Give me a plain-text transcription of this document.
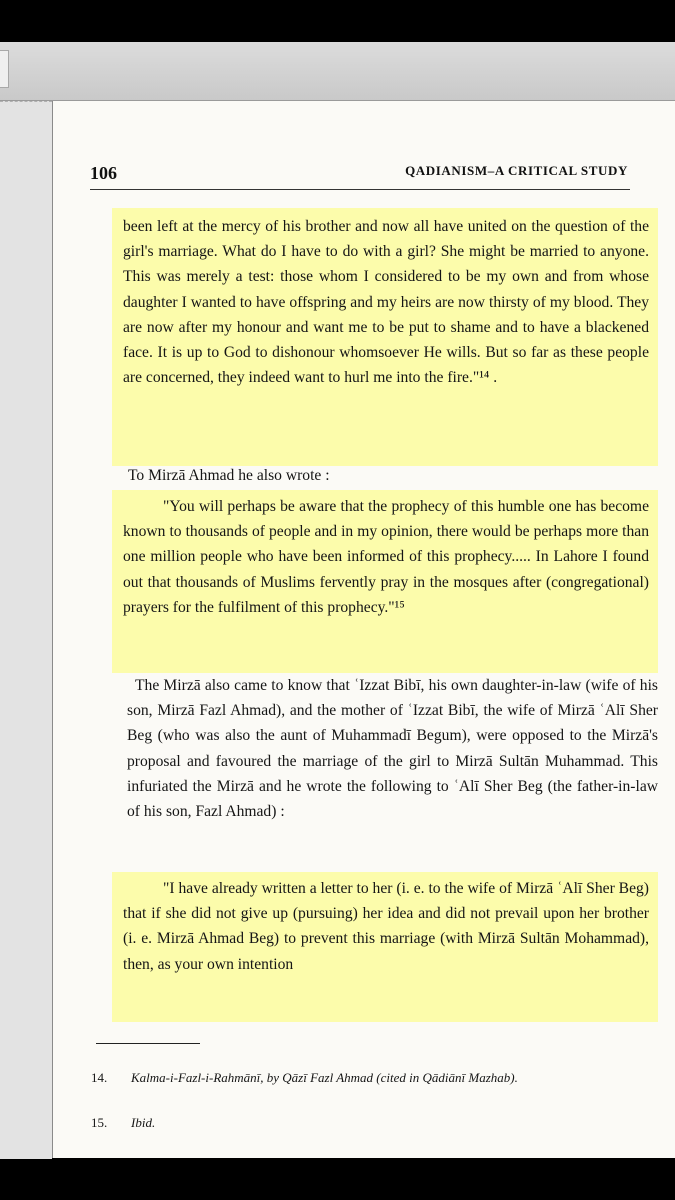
106	QADIANISM–A CRITICAL STUDY

been left at the mercy of his brother and now all have united on the question of the girl's marriage. What do I have to do with a girl? She might be married to anyone. This was merely a test: those whom I considered to be my own and from whose daughter I wanted to have offspring and my heirs are now thirsty of my blood. They are now after my honour and want me to be put to shame and to have a blackened face. It is up to God to dishonour whomsoever He wills. But so far as these people are concerned, they indeed want to hurl me into the fire."¹⁴ .

To Mirzā Ahmad he also wrote :

"You will perhaps be aware that the prophecy of this humble one has become known to thousands of people and in my opinion, there would be perhaps more than one million people who have been informed of this prophecy..... In Lahore I found out that thousands of Muslims fervently pray in the mosques after (congregational) prayers for the fulfilment of this prophecy."¹⁵

The Mirzā also came to know that ʿIzzat Bibī, his own daughter-in-law (wife of his son, Mirzā Fazl Ahmad), and the mother of ʿIzzat Bibī, the wife of Mirzā ʿAlī Sher Beg (who was also the aunt of Muhammadī Begum), were opposed to the Mirzā's proposal and favoured the marriage of the girl to Mirzā Sultān Muhammad. This infuriated the Mirzā and he wrote the following to ʿAlī Sher Beg (the father-in-law of his son, Fazl Ahmad) :

"I have already written a letter to her (i. e. to the wife of Mirzā ʿAlī Sher Beg) that if she did not give up (pursuing) her idea and did not prevail upon her brother (i. e. Mirzā Ahmad Beg) to prevent this marriage (with Mirzā Sultān Mohammad), then, as your own intention

14. Kalma-i-Fazl-i-Rahmānī, by Qāzī Fazl Ahmad (cited in Qādiānī Mazhab).

15. Ibid.
